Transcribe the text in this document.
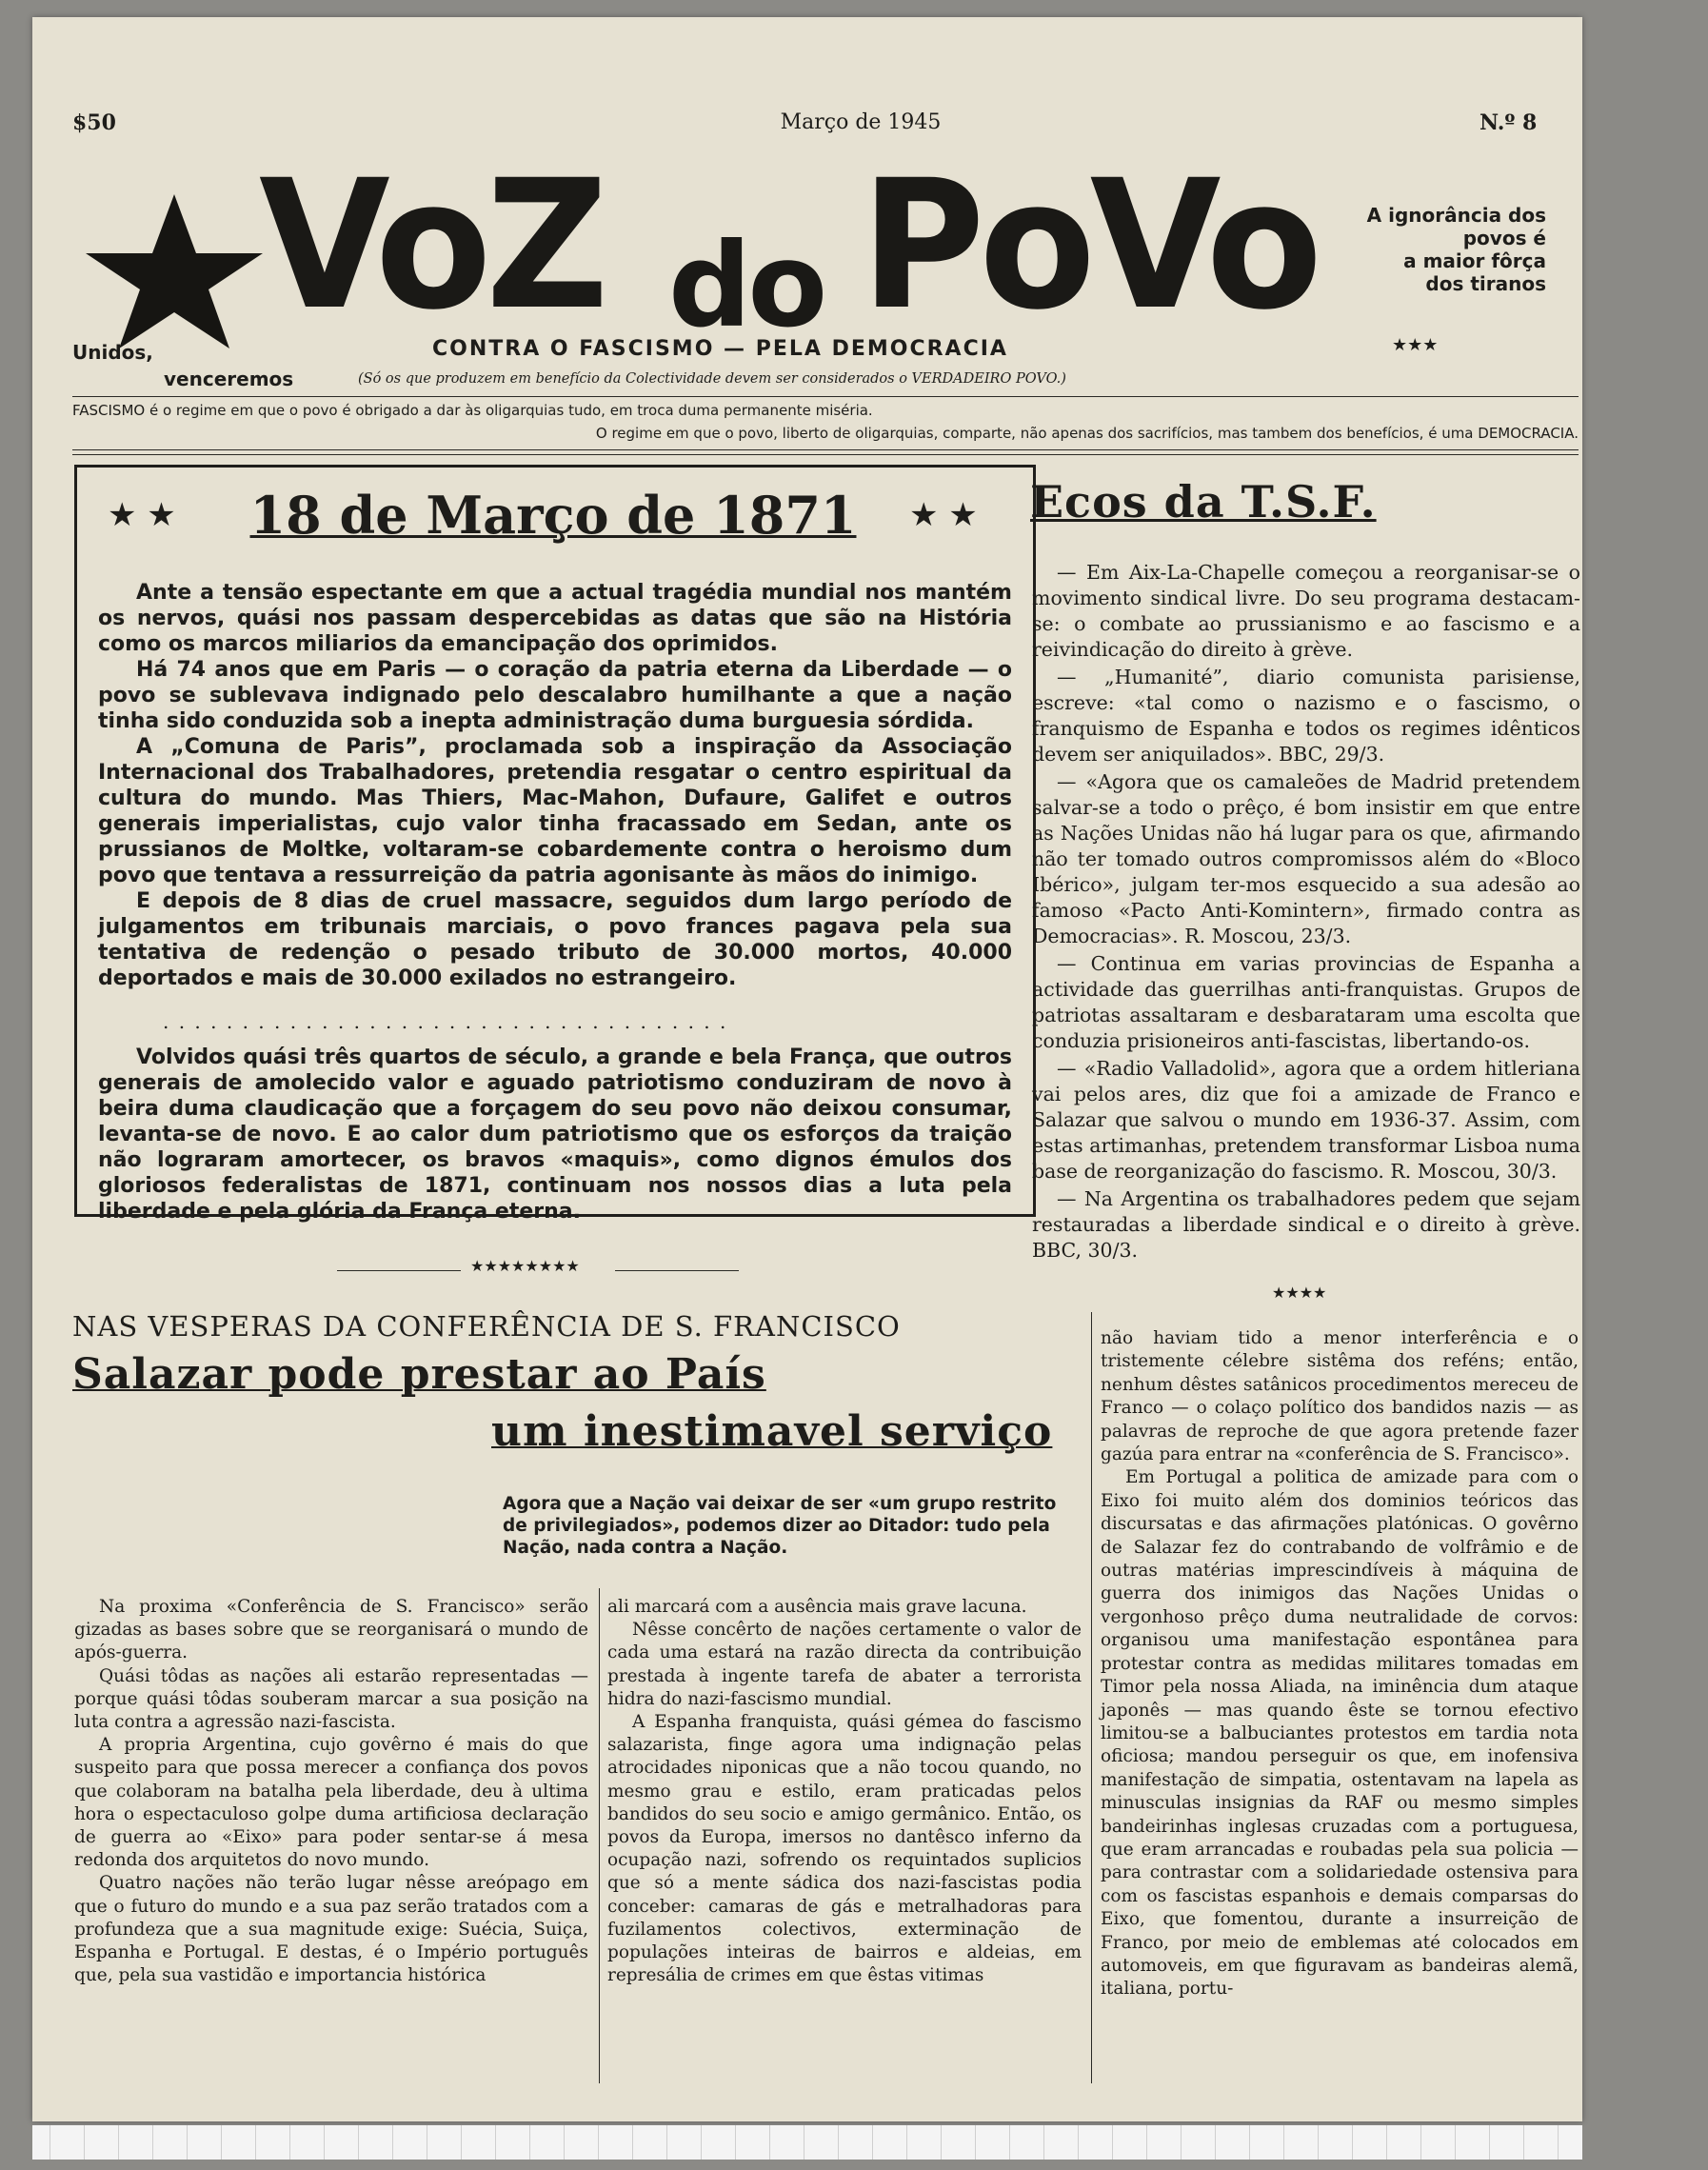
$50	Março de 1945	N.º 8
VoZ do PoVo	A ignorância dos
povos é
a maior fôrça
dos tiranos
Unidos,
venceremos
CONTRA O FASCISMO — PELA DEMOCRACIA	★★★
(Só os que produzem em benefício da Colectividade devem ser considerados o VERDADEIRO POVO.)
FASCISMO é o regime em que o povo é obrigado a dar às oligarquias tudo, em troca duma permanente miséria.
O regime em que o povo, liberto de oligarquias, compar​te, não apenas dos sacrifícios, mas tambem dos benefícios, é uma DEMOCRACIA.
★ ★	18 de Março de 1871	★ ★

Ante a tensão espectante em que a actual tragédia mundial nos mantém os nervos, quási nos passam despercebidas as datas que são na História como os marcos miliarios da emancipação dos oprimidos.

Há 74 anos que em Paris — o coração da patria eterna da Liberdade — o povo se sublevava indignado pelo descalabro humilhante a que a nação tinha sido conduzida sob a inepta administração duma burguesia sórdida.

A „Comuna de Paris”, proclamada sob a inspiração da Associação Internacional dos Trabalhadores, pretendia resgatar o centro espiritual da cultura do mundo. Mas Thiers, Mac-Mahon, Dufaure, Galifet e outros generais imperialistas, cujo valor tinha fracassado em Sedan, ante os prussianos de Moltke, voltaram-se cobardemente contra o heroismo dum povo que tentava a ressurreição da patria agonisante às mãos do inimigo.

E depois de 8 dias de cruel massacre, seguidos dum largo período de julgamentos em tribunais marciais, o povo frances pagava pela sua tentativa de redenção o pesado tributo de 30.000 mortos, 40.000 deportados e mais de 30.000 exilados no estrangeiro.

. . . . . . . . . . . . . . . . . . . . . . . . . . . . . . . . . . . .

Volvidos quási três quartos de século, a grande e bela França, que outros generais de amolecido valor e aguado patriotismo conduziram de novo à beira duma claudicação que a forçagem do seu povo não deixou consumar, levanta-se de novo. E ao calor dum patriotismo que os esforços da traição não lograram amortecer, os bravos «maquis», como dignos émulos dos gloriosos federalistas de 1871, continuam nos nossos dias a luta pela liberdade e pela glória da França eterna.

★★★★★★★★
Ecos da T.S.F.

— Em Aix-La-Chapelle começou a reorganisar-se o movimento sindical livre. Do seu programa destacam-se: o combate ao prussianismo e ao fascismo e a reivindicação do direito à grève.

— „Humanité”, diario comunista parisiense, escreve: «tal como o nazismo e o fascismo, o franquismo de Espanha e todos os regimes idênticos devem ser aniquilados». BBC, 29/3.

— «Agora que os camaleões de Madrid pretendem salvar-se a todo o prêço, é bom insistir em que entre as Nações Unidas não há lugar para os que, afirmando não ter tomado outros compromissos além do «Bloco Ibérico», julgam ter-mos esquecido a sua adesão ao famoso «Pacto Anti-Komintern», firmado contra as Democracias». R. Moscou, 23/3.

— Continua em varias provincias de Espanha a actividade das guerrilhas anti-franquistas. Grupos de patriotas assaltaram e desbarataram uma escolta que conduzia prisioneiros anti-fascistas, libertando-os.

— «Radio Valladolid», agora que a ordem hitleriana vai pelos ares, diz que foi a amizade de Franco e Salazar que salvou o mundo em 1936-37. Assim, com estas artimanhas, pretendem transformar Lisboa numa base de reorganização do fascismo. R. Moscou, 30/3.

— Na Argentina os trabalhadores pedem que sejam restauradas a liberdade sindical e o direito à grève. BBC, 30/3.

★★★★
NAS VESPERAS DA CONFERÊNCIA DE S. FRANCISCO
Salazar pode prestar ao País
um inestimavel serviço
Agora que a Nação vai deixar de ser «um grupo restrito de privilegiados», podemos dizer ao Ditador: tudo pela Nação, nada contra a Nação.

Na proxima «Conferência de S. Francisco» serão gizadas as bases sobre que se reorganisará o mundo de após-guerra.

Quási tôdas as nações ali estarão representadas — porque quási tôdas souberam marcar a sua posição na luta contra a agressão nazi-fascista.

A propria Argentina, cujo govêrno é mais do que suspeito para que possa merecer a confiança dos povos que colaboram na batalha pela liberdade, deu à ultima hora o espectaculoso golpe duma artificiosa declaração de guerra ao «Eixo» para poder sentar-se á mesa redonda dos arquitetos do novo mundo.

Quatro nações não terão lugar nêsse areópago em que o futuro do mundo e a sua paz serão tratados com a profundeza que a sua magnitude exige: Suécia, Suiça, Espanha e Portugal. E destas, é o Império português que, pela sua vastidão e importancia histórica

ali marcará com a ausência mais grave lacuna.

Nêsse concêrto de nações certamente o valor de cada uma estará na razão directa da contribuição prestada à ingente tarefa de abater a terrorista hidra do nazi-fascismo mundial.

A Espanha franquista, quási gémea do fascismo salazarista, finge agora uma indignação pelas atrocidades niponicas que a não tocou quando, no mesmo grau e estilo, eram praticadas pelos bandidos do seu socio e amigo germânico. Então, os povos da Europa, imersos no dantêsco inferno da ocupação nazi, sofrendo os requintados suplicios que só a mente sádica dos nazi-fascistas podia conceber: camaras de gás e metralhadoras para fuzilamentos colectivos, exterminação de populações inteiras de bairros e aldeias, em represália de crimes em que êstas vitimas

não haviam tido a menor interferência e o tristemente célebre sistêma dos reféns; então, nenhum dêstes satânicos procedimentos mereceu de Franco — o colaço político dos bandidos nazis — as palavras de reproche de que agora pretende fazer gazúa para entrar na «conferência de S. Francisco».

Em Portugal a politica de amizade para com o Eixo foi muito além dos dominios teóricos das discursatas e das afirmações platónicas. O govêrno de Salazar fez do contrabando de volfrâmio e de outras matérias imprescindíveis à máquina de guerra dos inimigos das Nações Unidas o vergonhoso prêço duma neutralidade de corvos: organisou uma manifestação espontânea para protestar contra as medidas militares tomadas em Timor pela nossa Aliada, na iminência dum ataque japonês — mas quando êste se tornou efectivo limitou-se a balbuciantes protestos em tardia nota oficiosa; mandou perseguir os que, em inofensiva manifestação de simpatia, ostentavam na lapela as minusculas insignias da RAF ou mesmo simples bandeirinhas inglesas cruzadas com a portuguesa, que eram arrancadas e roubadas pela sua policia — para contrastar com a solidariedade ostensiva para com os fascistas espanhois e demais comparsas do Eixo, que fomentou, durante a insurreição de Franco, por meio de emblemas até colocados em automoveis, em que figuravam as bandeiras alemã, italiana, portu-
